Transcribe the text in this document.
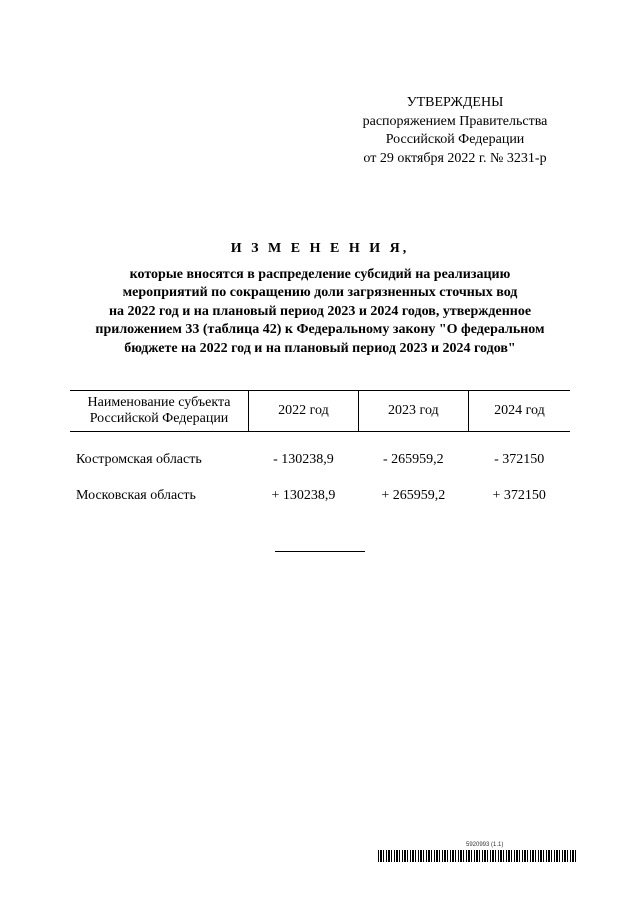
УТВЕРЖДЕНЫ
распоряжением Правительства
Российской Федерации
от 29 октября 2022 г. № 3231-р
И З М Е Н Е Н И Я,
которые вносятся в распределение субсидий на реализацию
мероприятий по сокращению доли загрязненных сточных вод
на 2022 год и на плановый период 2023 и 2024 годов, утвержденное
приложением 33 (таблица 42) к Федеральному закону "О федеральном
бюджете на 2022 год и на плановый период 2023 и 2024 годов"
Наименование субъекта Российской Федерации	2022 год	2023 год	2024 год
Костромская область	- 130238,9	- 265959,2	- 372150
Московская область	+ 130238,9	+ 265959,2	+ 372150
5920993 (1.1)
